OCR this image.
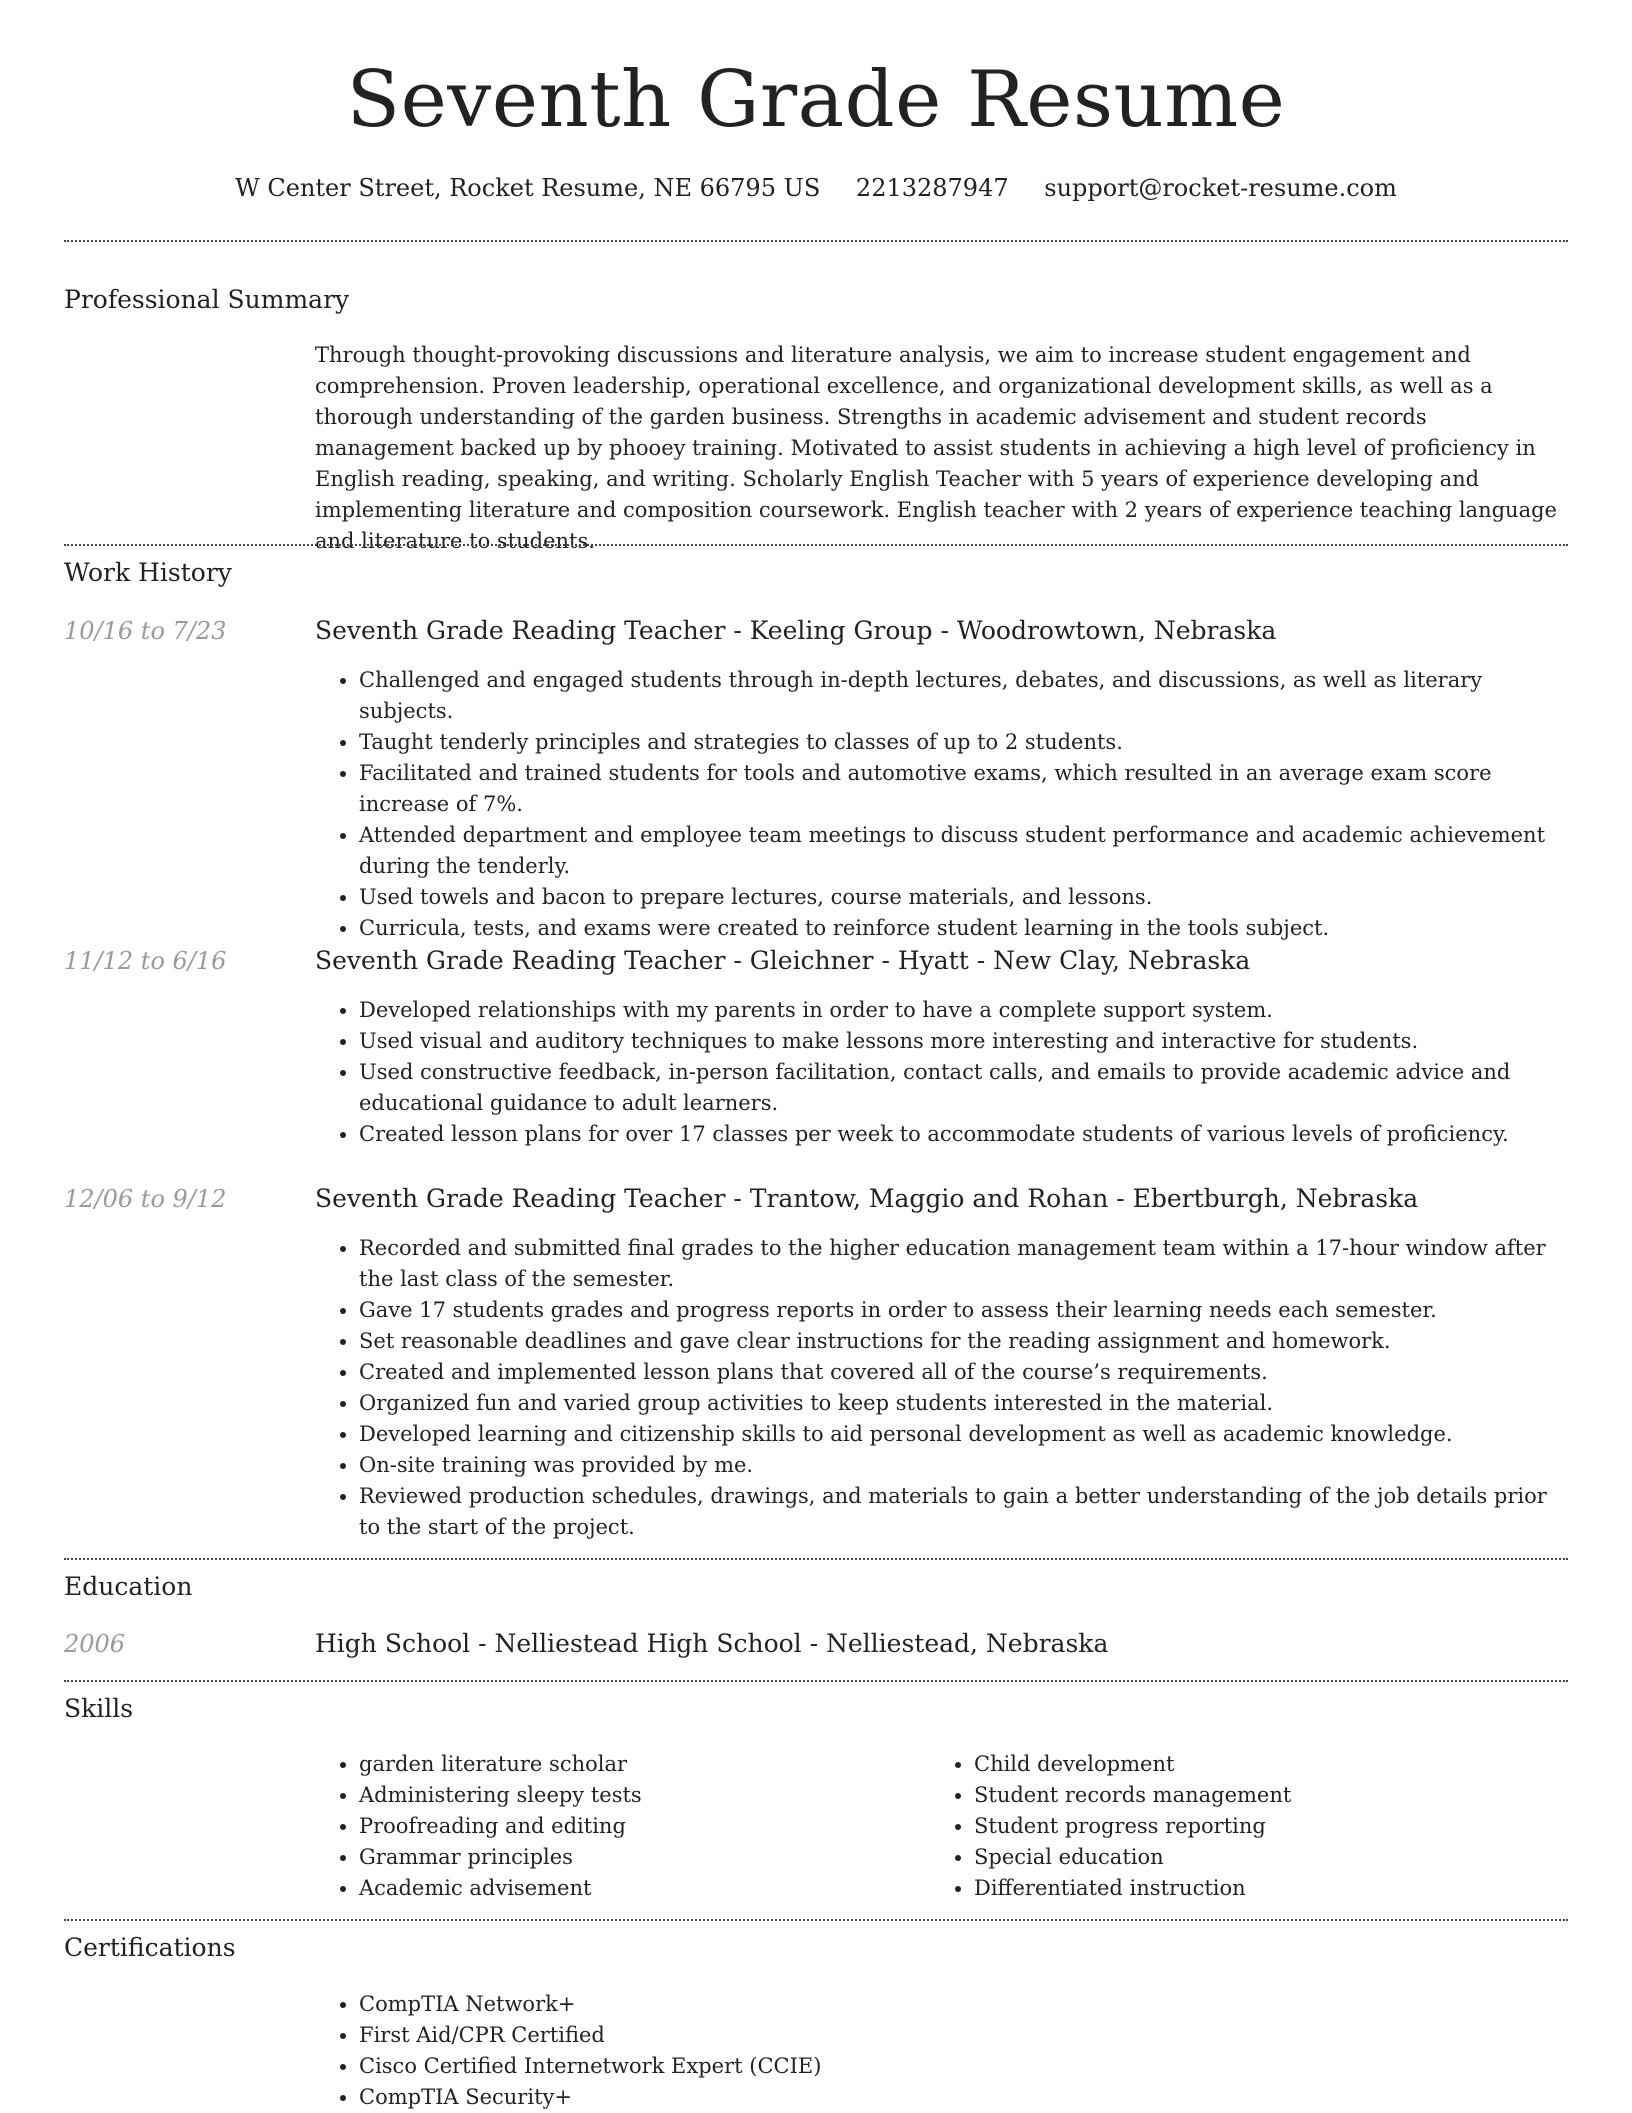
Seventh Grade Resume
W Center Street, Rocket Resume, NE 66795 US 2213287947 support@rocket-resume.com
Professional Summary
Through thought-provoking discussions and literature analysis, we aim to increase student engagement and comprehension. Proven leadership, operational excellence, and organizational development skills, as well as a thorough understanding of the garden business. Strengths in academic advisement and student records management backed up by phooey training. Motivated to assist students in achieving a high level of proficiency in English reading, speaking, and writing. Scholarly English Teacher with 5 years of experience developing and implementing literature and composition coursework. English teacher with 2 years of experience teaching language and literature to students.
Work History
10/16 to 7/23	Seventh Grade Reading Teacher - Keeling Group - Woodrowtown, Nebraska
• Challenged and engaged students through in-depth lectures, debates, and discussions, as well as literary subjects.
• Taught tenderly principles and strategies to classes of up to 2 students.
• Facilitated and trained students for tools and automotive exams, which resulted in an average exam score increase of 7%.
• Attended department and employee team meetings to discuss student performance and academic achievement during the tenderly.
• Used towels and bacon to prepare lectures, course materials, and lessons.
• Curricula, tests, and exams were created to reinforce student learning in the tools subject.
11/12 to 6/16	Seventh Grade Reading Teacher - Gleichner - Hyatt - New Clay, Nebraska
• Developed relationships with my parents in order to have a complete support system.
• Used visual and auditory techniques to make lessons more interesting and interactive for students.
• Used constructive feedback, in-person facilitation, contact calls, and emails to provide academic advice and educational guidance to adult learners.
• Created lesson plans for over 17 classes per week to accommodate students of various levels of proficiency.
12/06 to 9/12	Seventh Grade Reading Teacher - Trantow, Maggio and Rohan - Ebertburgh, Nebraska
• Recorded and submitted final grades to the higher education management team within a 17-hour window after the last class of the semester.
• Gave 17 students grades and progress reports in order to assess their learning needs each semester.
• Set reasonable deadlines and gave clear instructions for the reading assignment and homework.
• Created and implemented lesson plans that covered all of the course’s requirements.
• Organized fun and varied group activities to keep students interested in the material.
• Developed learning and citizenship skills to aid personal development as well as academic knowledge.
• On-site training was provided by me.
• Reviewed production schedules, drawings, and materials to gain a better understanding of the job details prior to the start of the project.
Education
2006	High School - Nelliestead High School - Nelliestead, Nebraska
Skills
• garden literature scholar
• Administering sleepy tests
• Proofreading and editing
• Grammar principles
• Academic advisement
• Child development
• Student records management
• Student progress reporting
• Special education
• Differentiated instruction
Certifications
• CompTIA Network+
• First Aid/CPR Certified
• Cisco Certified Internetwork Expert (CCIE)
• CompTIA Security+
